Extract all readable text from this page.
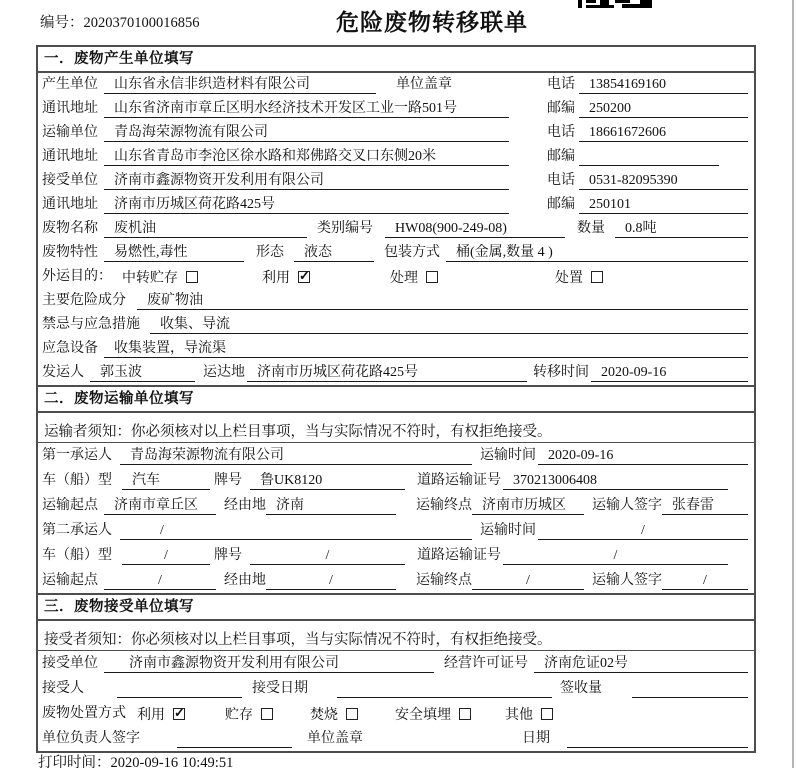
编号：2020370100016856	危险废物转移联单
一．废物产生单位填写
产生单位	山东省永信非织造材料有限公司	单位盖章	电话	13854169160
通讯地址	山东省济南市章丘区明水经济技术开发区工业一路501号	邮编	250200
运输单位	青岛海荣源物流有限公司	电话	18661672606
通讯地址	山东省青岛市李沧区徐水路和郑佛路交叉口东侧20米	邮编
接受单位	济南市鑫源物资开发利用有限公司	电话	0531-82095390
通讯地址	济南市历城区荷花路425号	邮编	250101
废物名称	废机油	类别编号	HW08(900-249-08)	数量	0.8吨
废物特性	易燃性,毒性	形态	液态	包装方式	桶(金属,数量 4 )
外运目的： 中转贮存	利用 ✓	处理	处置
主要危险成分	废矿物油
禁忌与应急措施	收集、导流
应急设备	收集装置，导流渠
发运人	郭玉波	运达地 济南市历城区荷花路425号	转移时间 2020-09-16
二．废物运输单位填写
运输者须知：你必须核对以上栏目事项，当与实际情况不符时，有权拒绝接受。
第一承运人	青岛海荣源物流有限公司	运输时间 2020-09-16
车（船）型	汽车	牌号	鲁UK8120	道路运输证号 370213006408
运输起点	济南市章丘区	经由地 济南	运输终点 济南市历城区	运输人签字 张春雷
第二承运人	/	运输时间	/
车（船）型	/	牌号	/	道路运输证号	/
运输起点	/	经由地	/	运输终点	/	运输人签字	/
三．废物接受单位填写
接受者须知：你必须核对以上栏目事项，当与实际情况不符时，有权拒绝接受。
接受单位	济南市鑫源物资开发利用有限公司	经营许可证号	济南危证02号
接受人	接受日期	签收量
废物处置方式 利用 ✓	贮存	焚烧	安全填埋	其他
单位负责人签字	单位盖章	日期
打印时间：2020-09-16 10:49:51
